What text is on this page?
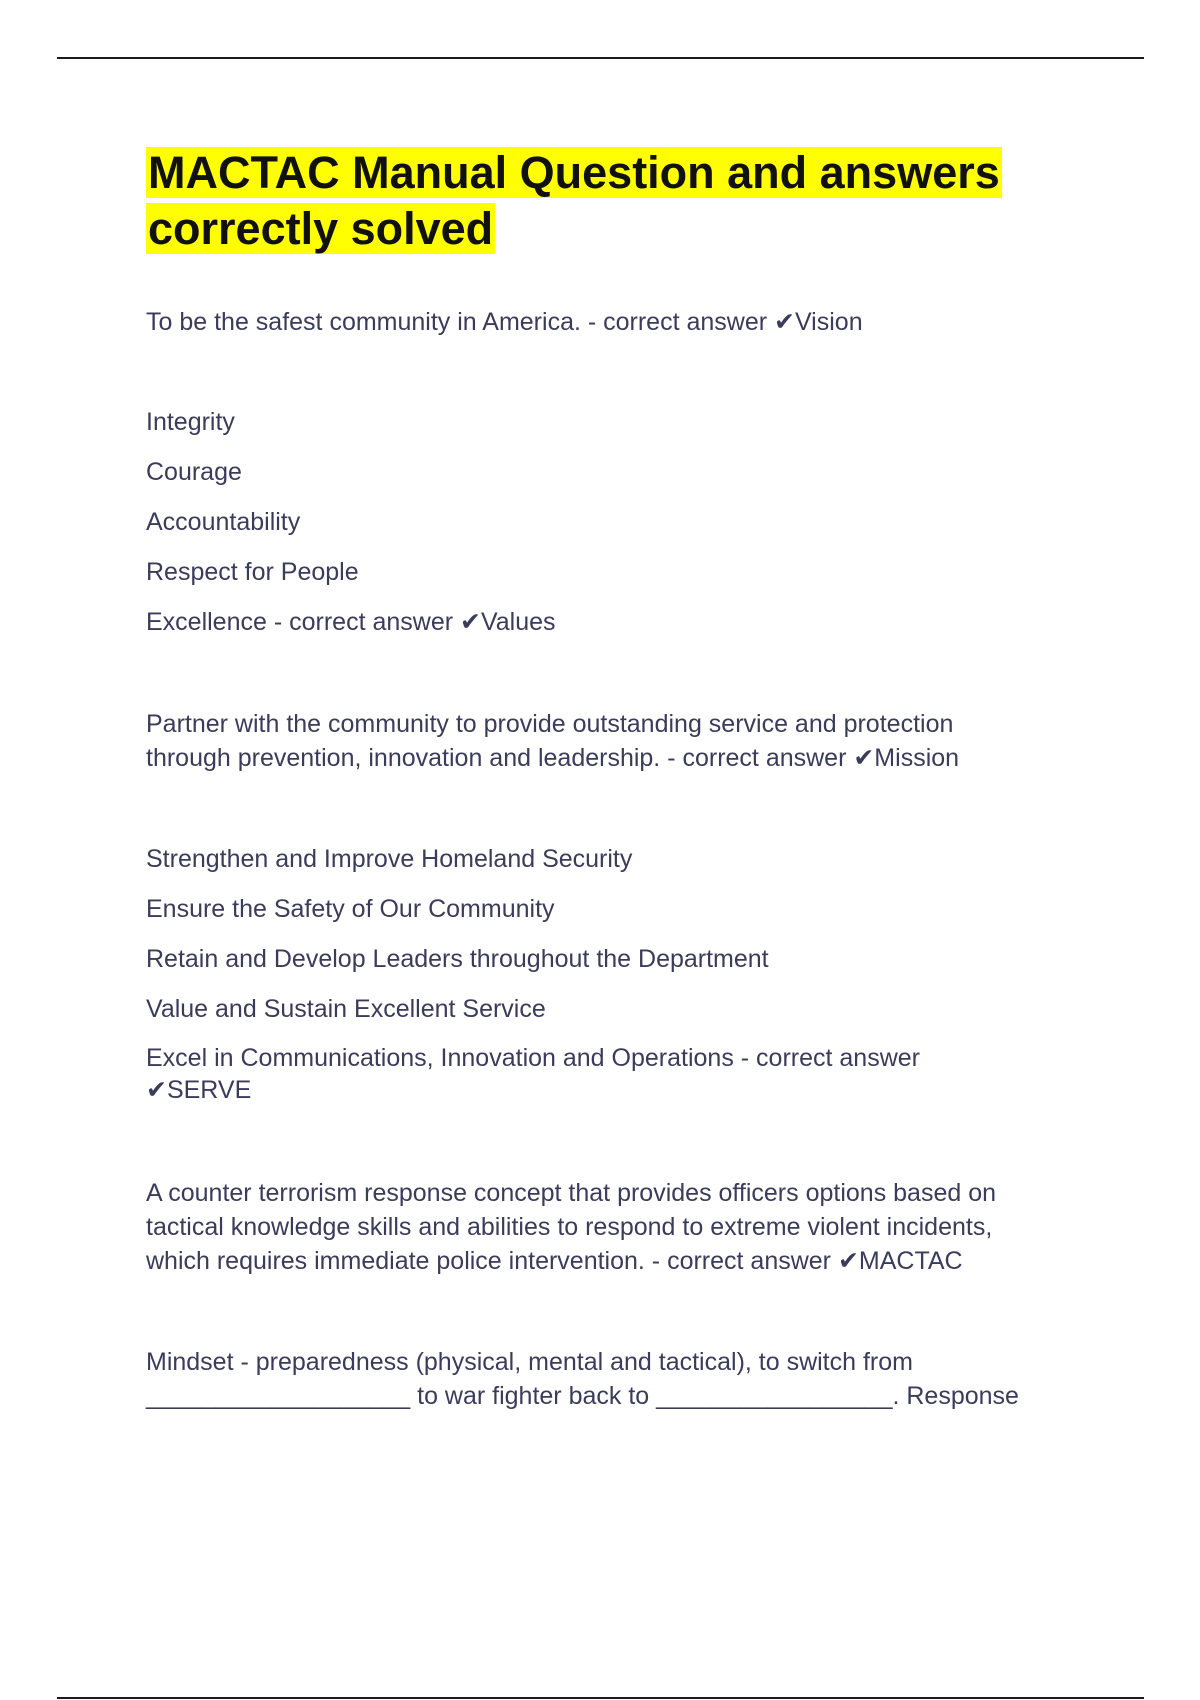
MACTAC Manual Question and answers
correctly solved

To be the safest community in America. - correct answer ✔Vision

Integrity

Courage

Accountability

Respect for People

Excellence - correct answer ✔Values

Partner with the community to provide outstanding service and protection

through prevention, innovation and leadership. - correct answer ✔Mission

Strengthen and Improve Homeland Security

Ensure the Safety of Our Community

Retain and Develop Leaders throughout the Department

Value and Sustain Excellent Service

Excel in Communications, Innovation and Operations - correct answer

✔SERVE

A counter terrorism response concept that provides officers options based on

tactical knowledge skills and abilities to respond to extreme violent incidents,

which requires immediate police intervention. - correct answer ✔MACTAC

Mindset - preparedness (physical, mental and tactical), to switch from

___________________ to war fighter back to _________________. Response
